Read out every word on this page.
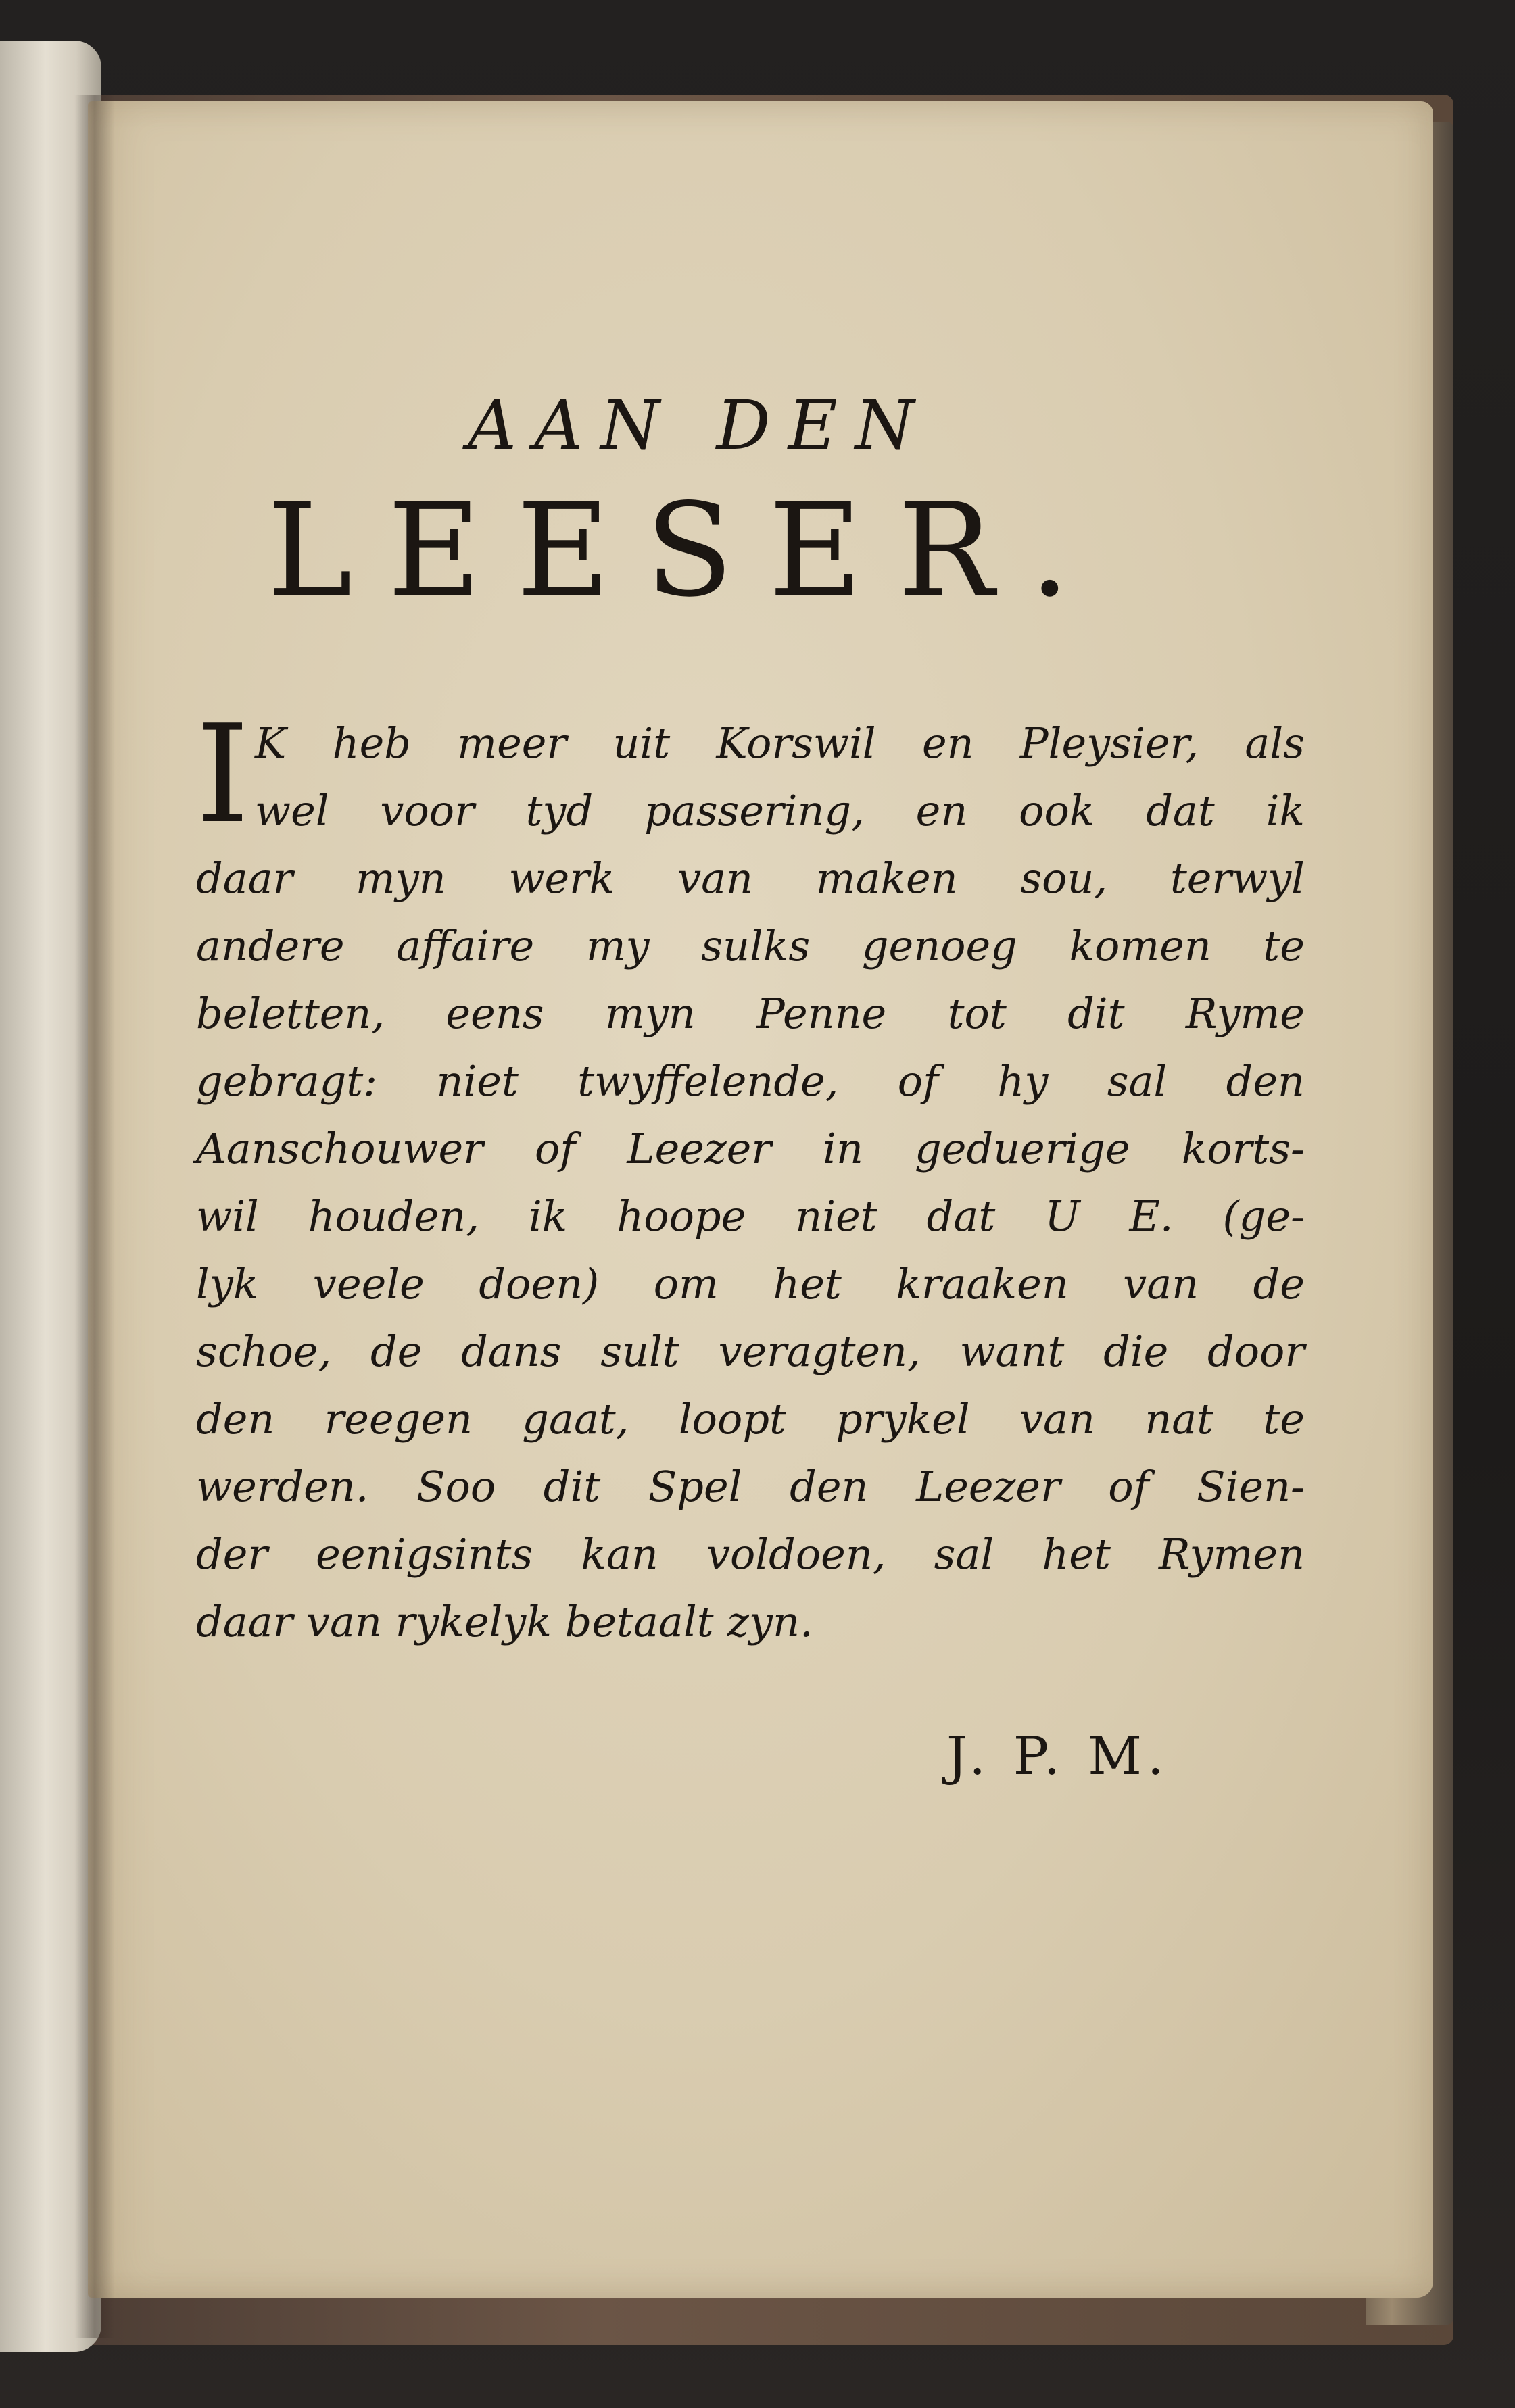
AAN DEN
LEESER.
I K heb meer uit Korswil en Pleysier, als
wel voor tyd passering, en ook dat ik
daar myn werk van maken sou, terwyl
andere affaire my sulks genoeg komen te
beletten, eens myn Penne tot dit Ryme
gebragt: niet twyffelende, of hy sal den
Aanschouwer of Leezer in geduerige korts-
wil houden, ik hoope niet dat U E. (ge-
lyk veele doen) om het kraaken van de
schoe, de dans sult veragten, want die door
den reegen gaat, loopt prykel van nat te
werden. Soo dit Spel den Leezer of Sien-
der eenigsints kan voldoen, sal het Rymen
daar van rykelyk betaalt zyn.
J. P. M.
